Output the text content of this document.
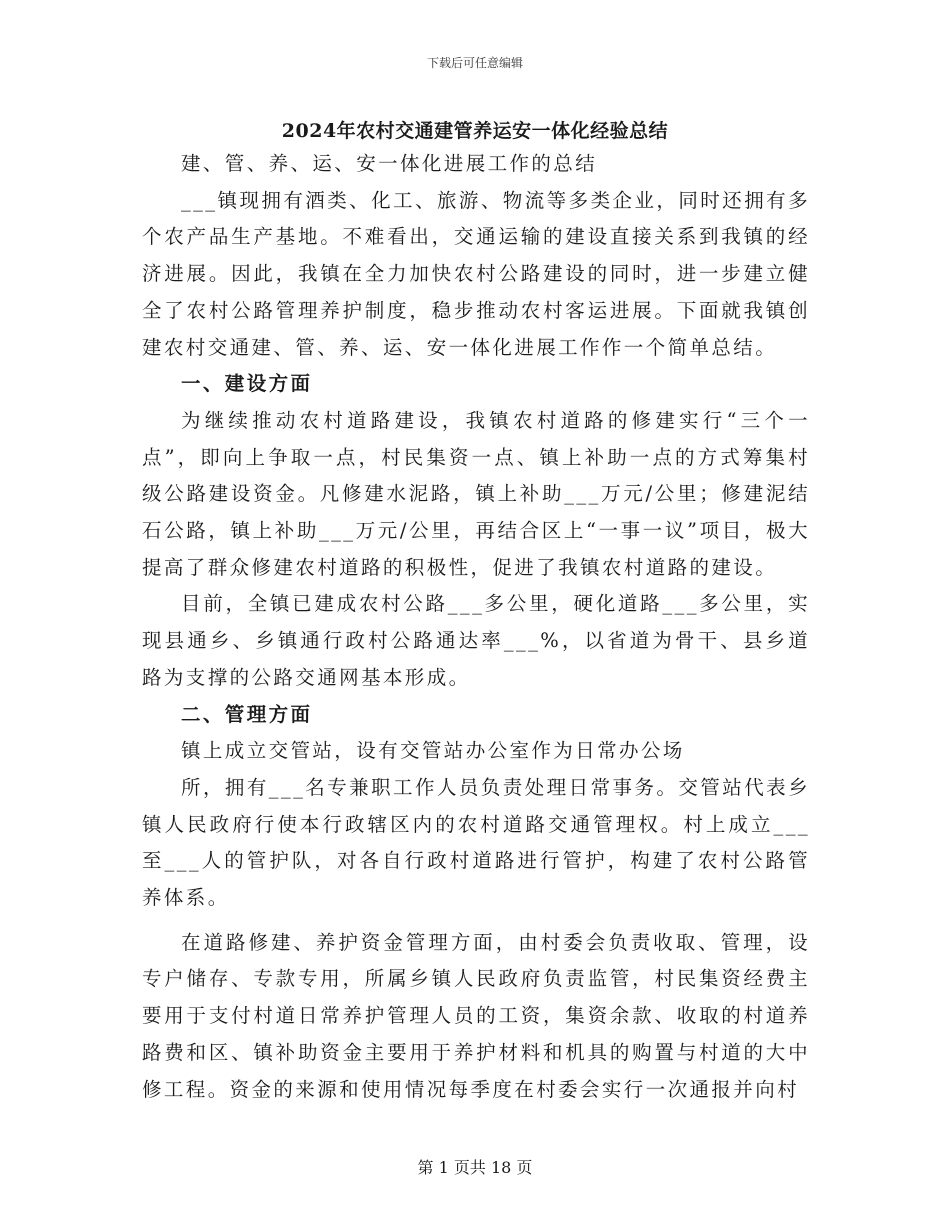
下载后可任意编辑
2024年农村交通建管养运安一体化经验总结

建、管、养、运、安一体化进展工作的总结

___镇现拥有酒类、化工、旅游、物流等多类企业，同时还拥有多个农产品生产基地。不难看出，交通运输的建设直接关系到我镇的经济进展。因此，我镇在全力加快农村公路建设的同时，进一步建立健全了农村公路管理养护制度，稳步推动农村客运进展。下面就我镇创建农村交通建、管、养、运、安一体化进展工作作一个简单总结。

一、建设方面

为继续推动农村道路建设，我镇农村道路的修建实行“三个一点”，即向上争取一点，村民集资一点、镇上补助一点的方式筹集村级公路建设资金。凡修建水泥路，镇上补助___万元/公里；修建泥结石公路，镇上补助___万元/公里，再结合区上“一事一议”项目，极大提高了群众修建农村道路的积极性，促进了我镇农村道路的建设。

目前，全镇已建成农村公路___多公里，硬化道路___多公里，实现县通乡、乡镇通行政村公路通达率___%，以省道为骨干、县乡道路为支撑的公路交通网基本形成。

二、管理方面

镇上成立交管站，设有交管站办公室作为日常办公场

所，拥有___名专兼职工作人员负责处理日常事务。交管站代表乡镇人民政府行使本行政辖区内的农村道路交通管理权。村上成立___至___人的管护队，对各自行政村道路进行管护，构建了农村公路管养体系。

在道路修建、养护资金管理方面，由村委会负责收取、管理，设专户储存、专款专用，所属乡镇人民政府负责监管，村民集资经费主要用于支付村道日常养护管理人员的工资，集资余款、收取的村道养路费和区、镇补助资金主要用于养护材料和机具的购置与村道的大中修工程。资金的来源和使用情况每季度在村委会实行一次通报并向村

第 1 页共 18 页
